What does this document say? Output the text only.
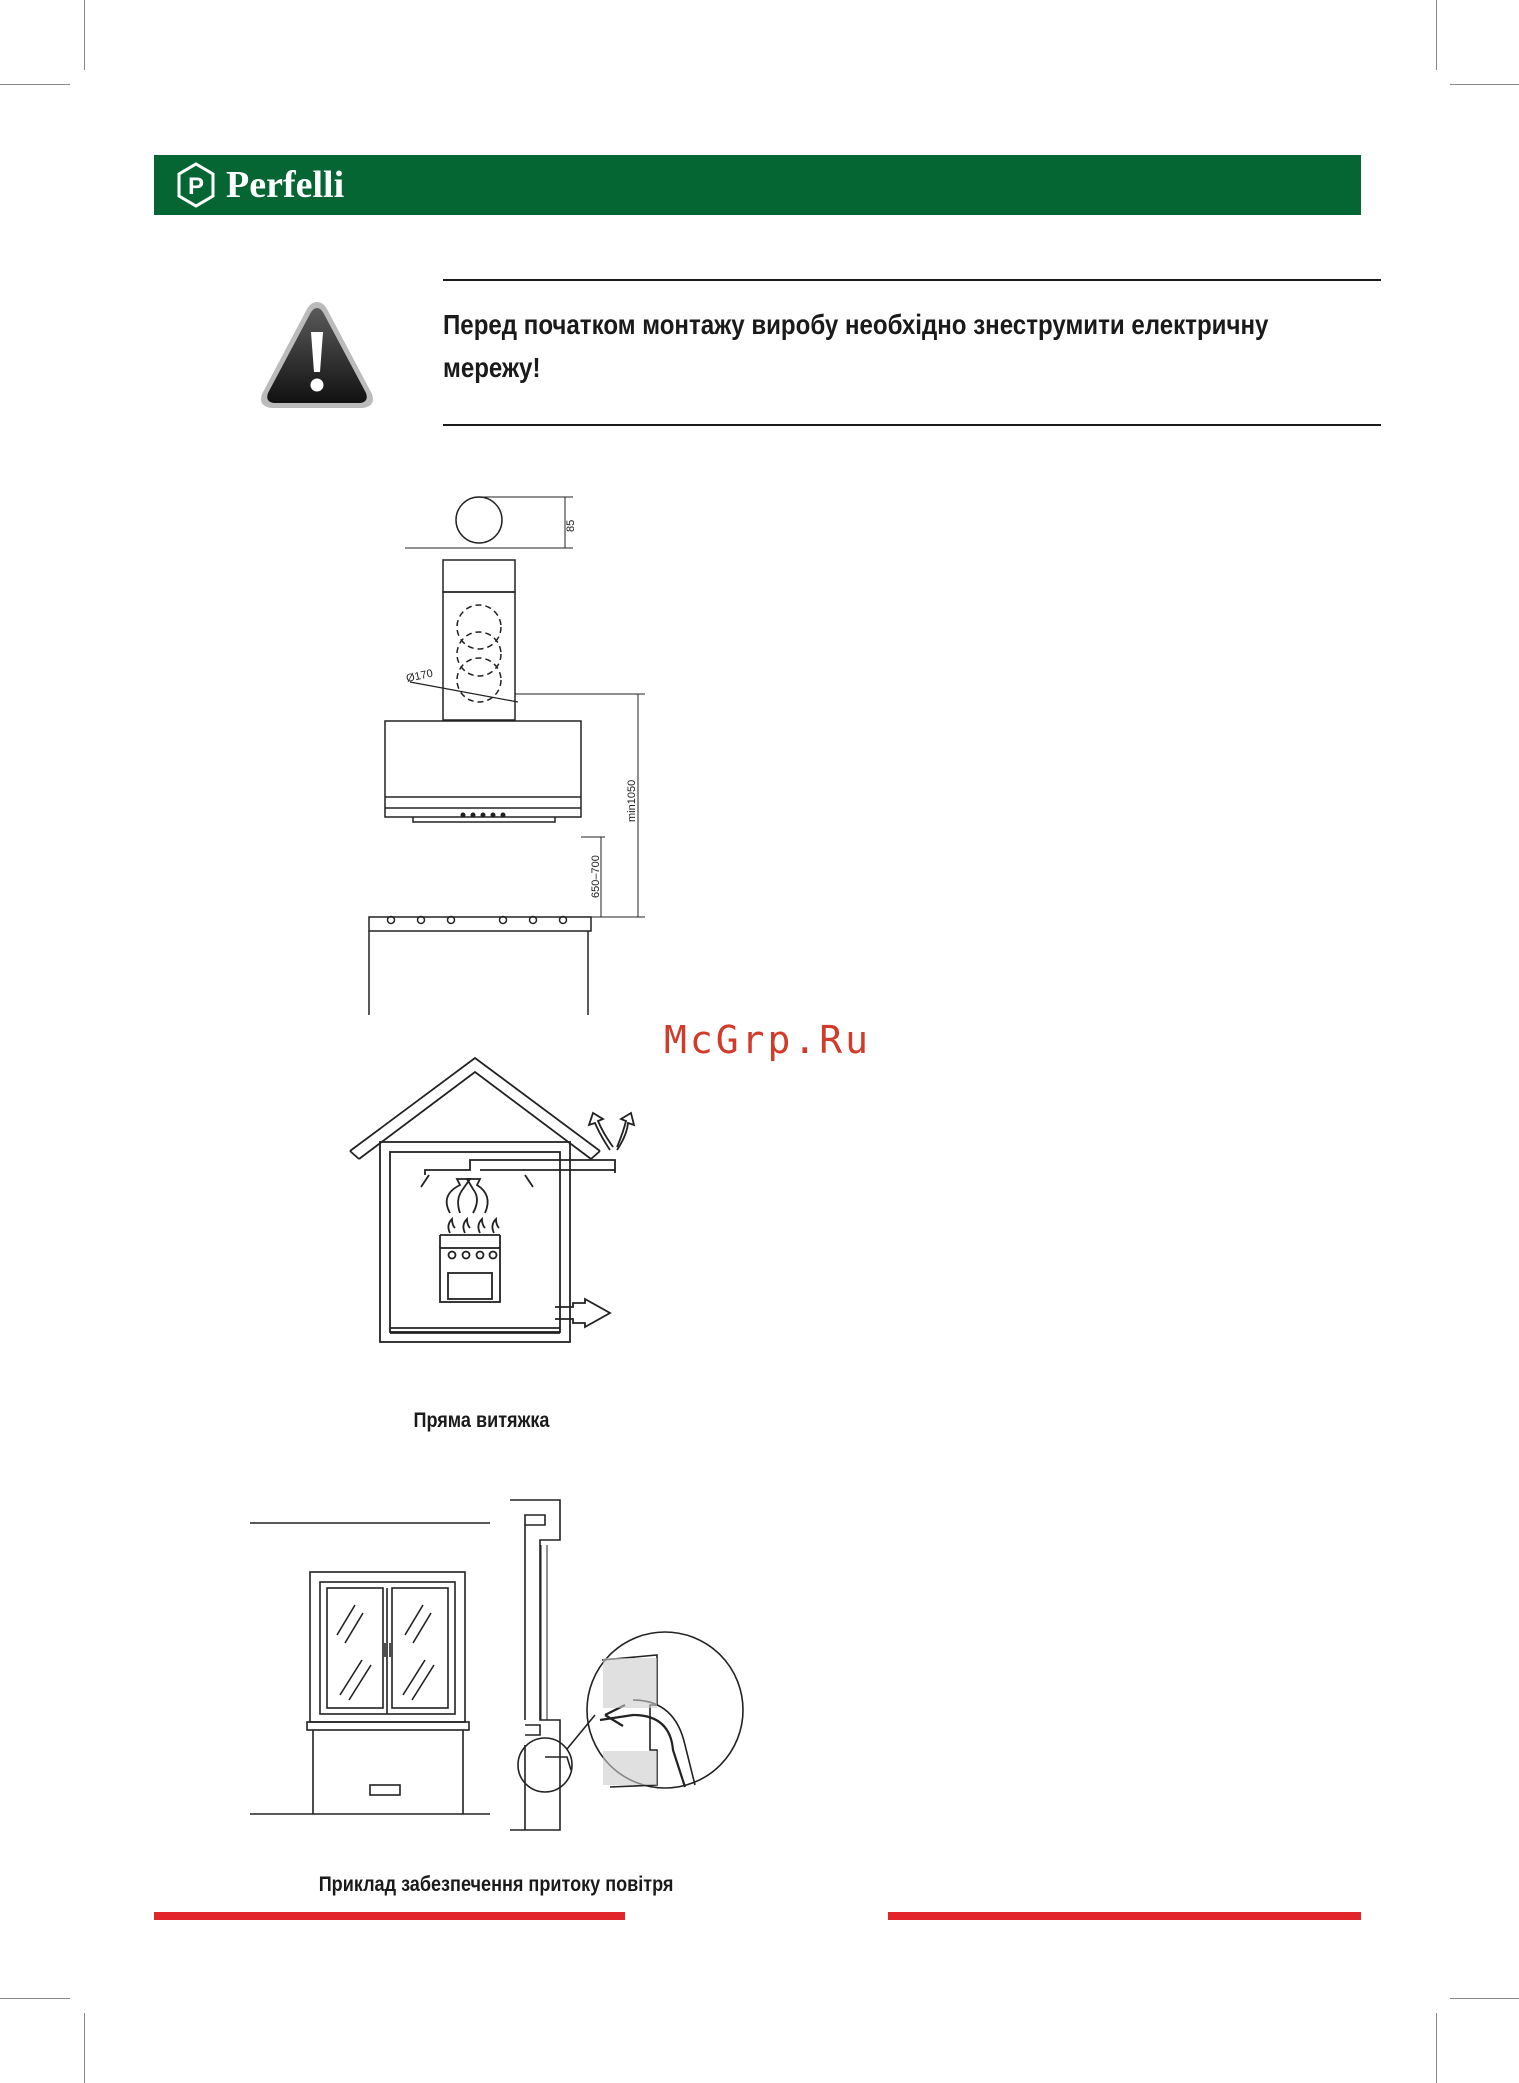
P Perfelli
Перед початком монтажу виробу необхідно знеструмити електричну
мережу!
85
Ø170
min1050
650–700
McGrp.Ru
Пряма витяжка
Приклад забезпечення притоку повітря
